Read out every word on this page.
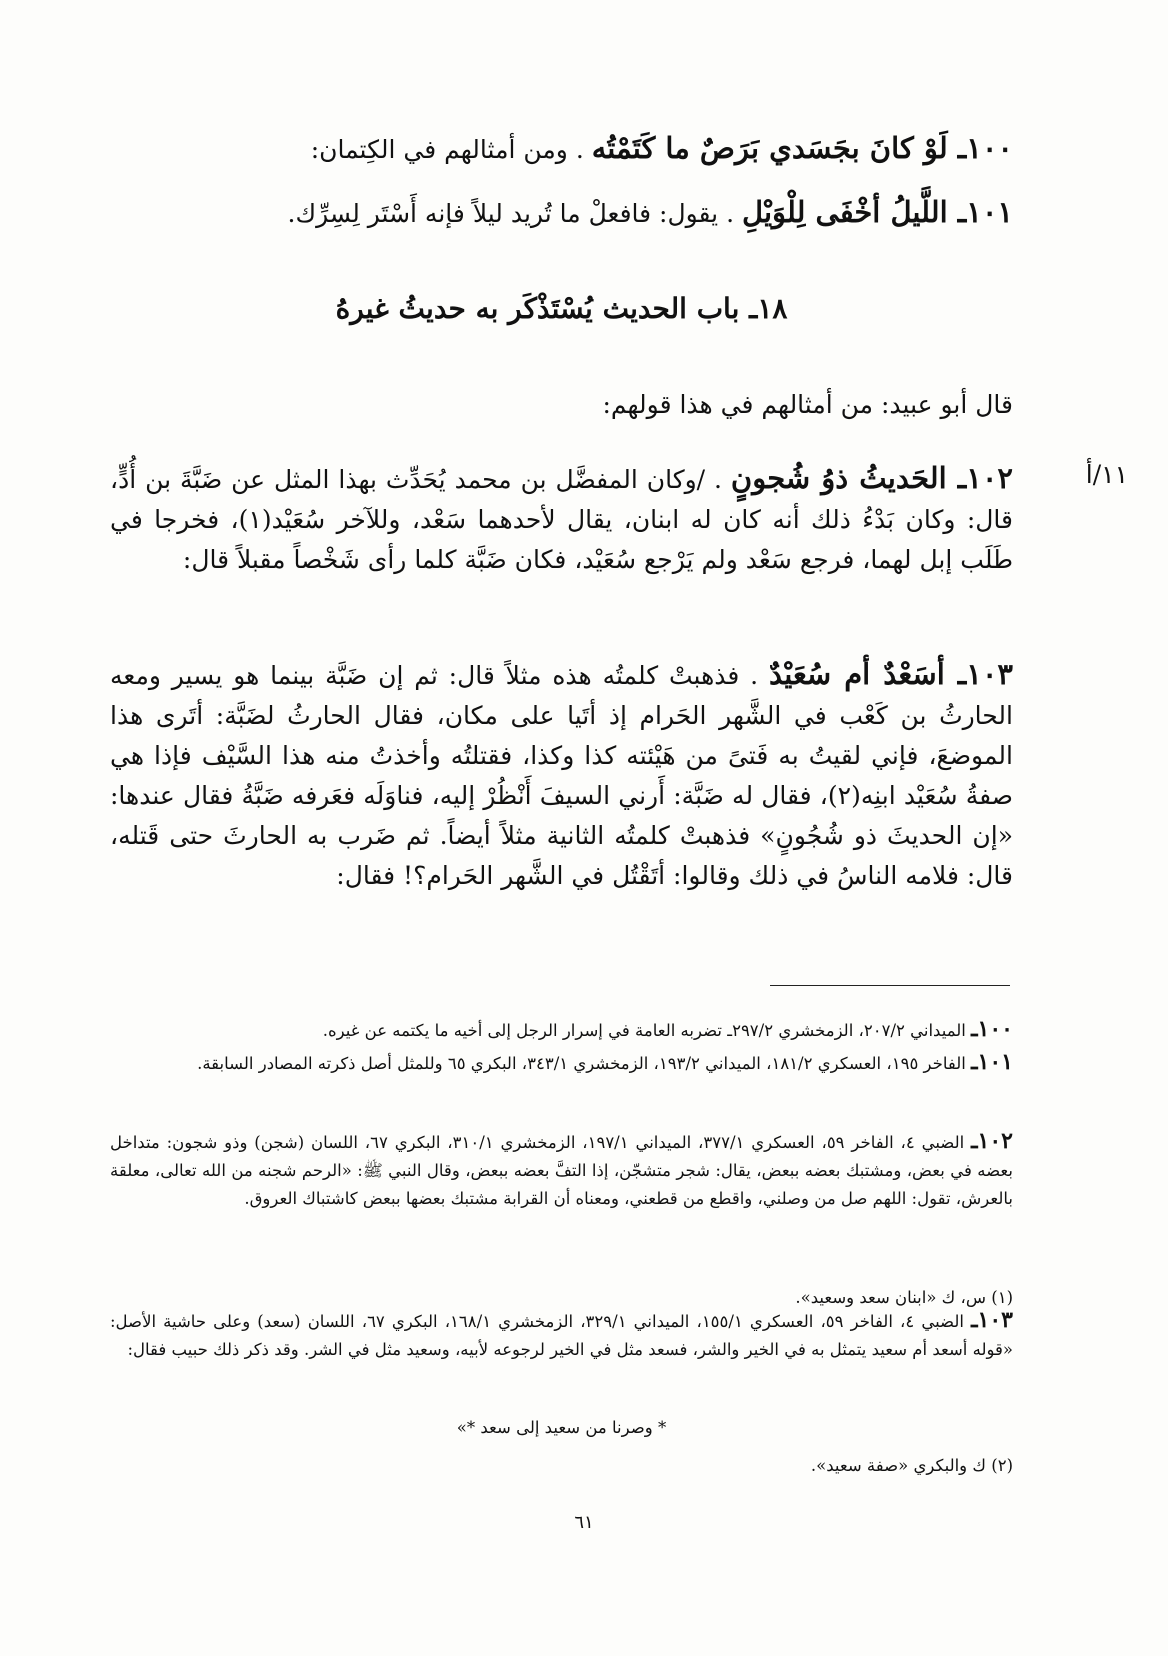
١٠٠ـ لَوْ كانَ بجَسَدي بَرَصٌ ما كَتَمْتُه . ومن أمثالهم في الكِتمان:
١٠١ـ اللَّيلُ أخْفَى لِلْوَيْلِ . يقول: فافعلْ ما تُريد ليلاً فإنه أَسْتَر لِسِرِّك.
١٨ـ باب الحديث يُسْتَذْكَر به حديثُ غيرهُ
قال أبو عبيد: من أمثالهم في هذا قولهم:
١١/أ
١٠٢ـ الحَديثُ ذوُ شُجونٍ . /وكان المفضَّل بن محمد يُحَدِّث بهذا المثل عن ضَبَّةَ بن أُدٍّ، قال: وكان بَدْءُ ذلك أنه كان له ابنان، يقال لأحدهما سَعْد، وللآخر سُعَيْد(١)، فخرجا في طَلَب إبل لهما، فرجع سَعْد ولم يَرْجع سُعَيْد، فكان ضَبَّة كلما رأى شَخْصاً مقبلاً قال:
١٠٣ـ أسَعْدٌ أم سُعَيْدٌ . فذهبتْ كلمتُه هذه مثلاً قال: ثم إن ضَبَّة بينما هو يسير ومعه الحارثُ بن كَعْب في الشَّهر الحَرام إذ أتَيا على مكان، فقال الحارثُ لضَبَّة: أتَرى هذا الموضعَ، فإني لقيتُ به فَتىً من هَيْئته كذا وكذا، فقتلتُه وأخذتُ منه هذا السَّيْف فإذا هي صفةُ سُعَيْد ابنِه(٢)، فقال له ضَبَّة: أَرني السيفَ أَنْظُرْ إليه، فناوَلَه فعَرفه ضَبَّةُ فقال عندها: «إن الحديثَ ذو شُجُونٍ» فذهبتْ كلمتُه الثانية مثلاً أيضاً. ثم ضَرب به الحارثَ حتى قَتله، قال: فلامه الناسُ في ذلك وقالوا: أتَقْتُل في الشَّهر الحَرام؟! فقال:
١٠٠ـ الميداني ٢٠٧/٢، الزمخشري ٢٩٧/٢ـ تضربه العامة في إسرار الرجل إلى أخيه ما يكتمه عن غيره.
١٠١ـ الفاخر ١٩٥، العسكري ١٨١/٢، الميداني ١٩٣/٢، الزمخشري ٣٤٣/١، البكري ٦٥ وللمثل أصل ذكرته المصادر السابقة.
١٠٢ـ الضبي ٤، الفاخر ٥٩، العسكري ٣٧٧/١، الميداني ١٩٧/١، الزمخشري ٣١٠/١، البكري ٦٧، اللسان (شجن) وذو شجون: متداخل بعضه في بعض، ومشتبك بعضه ببعض، يقال: شجر متشجّن، إذا التفَّ بعضه ببعض، وقال النبي ﷺ: «الرحم شجنه من الله تعالى، معلقة بالعرش، تقول: اللهم صل من وصلني، واقطع من قطعني، ومعناه أن القرابة مشتبك بعضها ببعض كاشتباك العروق.
(١) س، ك «ابنان سعد وسعيد».
١٠٣ـ الضبي ٤، الفاخر ٥٩، العسكري ١٥٥/١، الميداني ٣٢٩/١، الزمخشري ١٦٨/١، البكري ٦٧، اللسان (سعد) وعلى حاشية الأصل: «قوله أسعد أم سعيد يتمثل به في الخير والشر، فسعد مثل في الخير لرجوعه لأبيه، وسعيد مثل في الشر. وقد ذكر ذلك حبيب فقال:
* وصرنا من سعيد إلى سعد *»
(٢) ك والبكري «صفة سعيد».
٦١
